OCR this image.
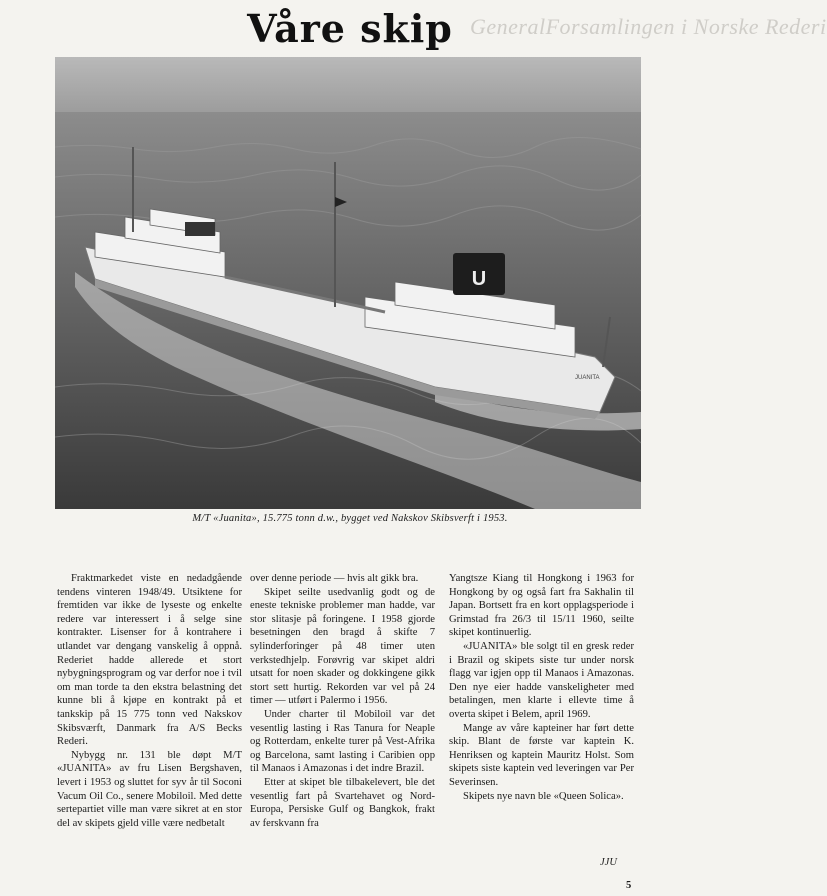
GeneralForsamlingen i Norske Rederi
Våre skip
U
JUANITA
M/T «Juanita», 15.775 tonn d.w., bygget ved Nakskov Skibsverft i 1953.

Fraktmarkedet viste en nedadgående tendens vinteren 1948/49. Utsiktene for fremtiden var ikke de lyseste og enkelte redere var interessert i å selge sine kontrakter. Lisenser for å kontrahere i utlandet var dengang vanskelig å oppnå. Rederiet hadde allerede et stort nybygningsprogram og var derfor noe i tvil om man torde ta den ekstra belastning det kunne bli å kjøpe en kontrakt på et tankskip på 15 775 tonn ved Nakskov Skibsværft, Danmark fra A/S Becks Rederi.

Nybygg nr. 131 ble døpt M/T «JUANITA» av fru Lisen Bergshaven, levert i 1953 og sluttet for syv år til Soconi Vacum Oil Co., senere Mobiloil. Med dette sertepartiet ville man være sikret at en stor del av skipets gjeld ville være nedbetalt

over denne periode — hvis alt gikk bra.

Skipet seilte usedvanlig godt og de eneste tekniske problemer man hadde, var stor slitasje på foringene. I 1958 gjorde besetningen den bragd å skifte 7 sylinderforinger på 48 timer uten verkstedhjelp. Forøvrig var skipet aldri utsatt for noen skader og dokkingene gikk stort sett hurtig. Rekorden var vel på 24 timer — utført i Palermo i 1956.

Under charter til Mobiloil var det vesentlig lasting i Ras Tanura for Neaple og Rotterdam, enkelte turer på Vest-Afrika og Barcelona, samt lasting i Caribien opp til Manaos i Amazonas i det indre Brazil.

Etter at skipet ble tilbakelevert, ble det vesentlig fart på Svartehavet og Nord-Europa, Persiske Gulf og Bangkok, frakt av ferskvann fra

Yangtsze Kiang til Hongkong i 1963 for Hongkong by og også fart fra Sakhalin til Japan. Bortsett fra en kort opplagsperiode i Grimstad fra 26/3 til 15/11 1960, seilte skipet kontinuerlig.

«JUANITA» ble solgt til en gresk reder i Brazil og skipets siste tur under norsk flagg var igjen opp til Manaos i Amazonas. Den nye eier hadde vanskeligheter med betalingen, men klarte i ellevte time å overta skipet i Belem, april 1969.

Mange av våre kapteiner har ført dette skip. Blant de første var kaptein K. Henriksen og kaptein Mauritz Holst. Som skipets siste kaptein ved leveringen var Per Severinsen.

Skipets nye navn ble «Queen Solica».

JJU
5
